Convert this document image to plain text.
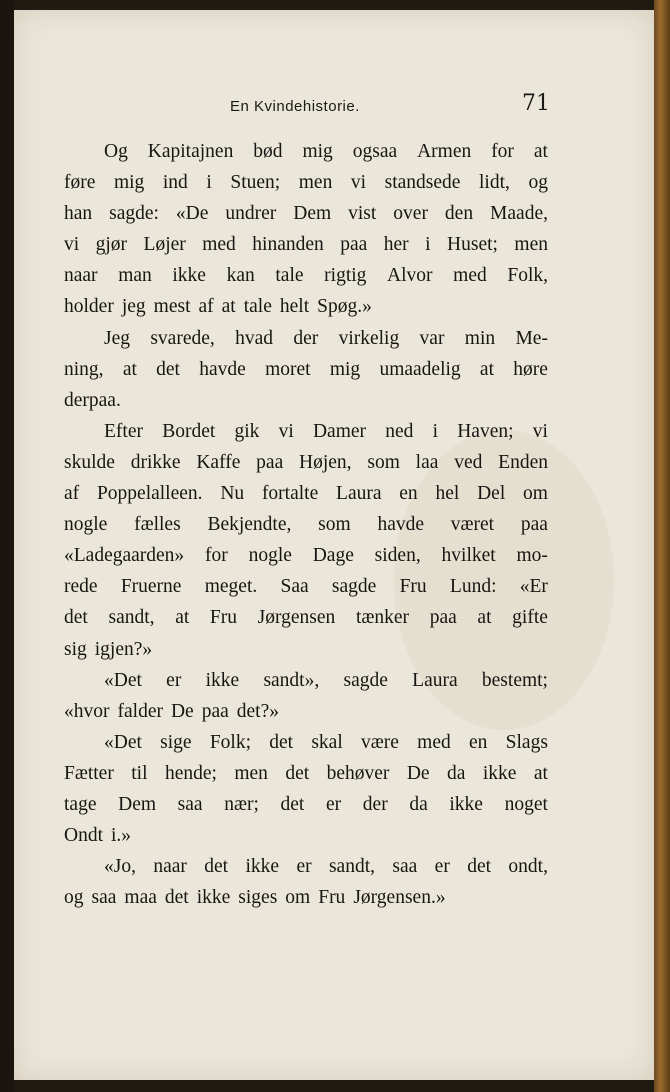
En Kvindehistorie.	71
Og Kapitajnen bød mig ogsaa Armen for at
føre mig ind i Stuen; men vi standsede lidt, og
han sagde: «De undrer Dem vist over den Maade,
vi gjør Løjer med hinanden paa her i Huset; men
naar man ikke kan tale rigtig Alvor med Folk,
holder jeg mest af at tale helt Spøg.»
Jeg svarede, hvad der virkelig var min Me-
ning, at det havde moret mig umaadelig at høre
derpaa.
Efter Bordet gik vi Damer ned i Haven; vi
skulde drikke Kaffe paa Højen, som laa ved Enden
af Poppelalleen. Nu fortalte Laura en hel Del om
nogle fælles Bekjendte, som havde været paa
«Ladegaarden» for nogle Dage siden, hvilket mo-
rede Fruerne meget. Saa sagde Fru Lund: «Er
det sandt, at Fru Jørgensen tænker paa at gifte
sig igjen?»
«Det er ikke sandt», sagde Laura bestemt;
«hvor falder De paa det?»
«Det sige Folk; det skal være med en Slags
Fætter til hende; men det behøver De da ikke at
tage Dem saa nær; det er der da ikke noget
Ondt i.»
«Jo, naar det ikke er sandt, saa er det ondt,
og saa maa det ikke siges om Fru Jørgensen.»
